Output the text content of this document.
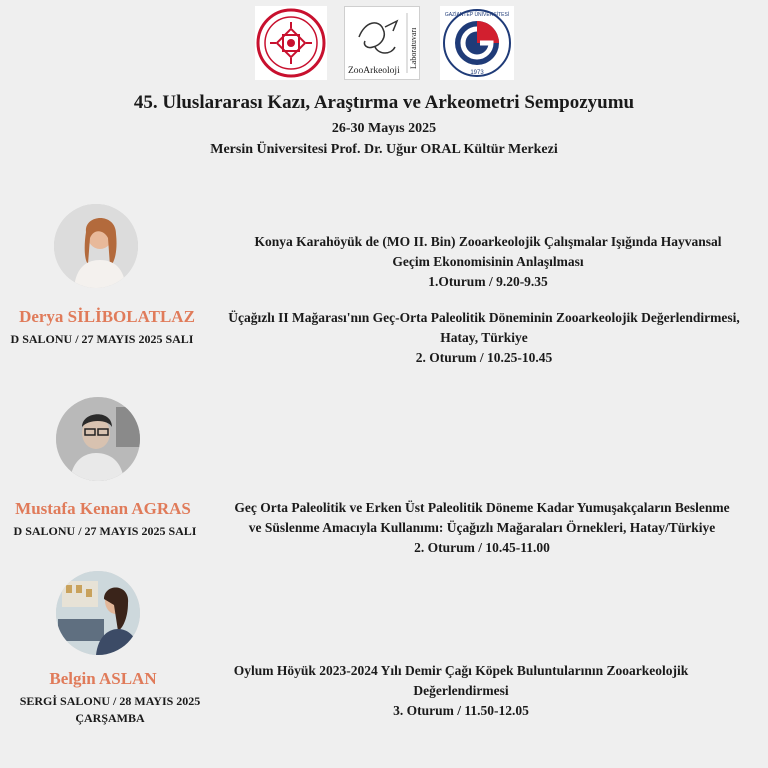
ZooArkeoloji
Laboratuvarı
GAZİANTEP ÜNİVERSİTESİ
1973
45. Uluslararası Kazı, Araştırma ve Arkeometri Sempozyumu
26-30 Mayıs 2025
Mersin Üniversitesi Prof. Dr. Uğur ORAL Kültür Merkezi
Derya SİLİBOLATLAZ
D SALONU / 27 MAYIS 2025 SALI
Konya Karahöyük de (MO II. Bin) Zooarkeolojik Çalışmalar Işığında Hayvansal
Geçim Ekonomisinin Anlaşılması
1.Oturum / 9.20-9.35
Üçağızlı II Mağarası'nın Geç-Orta Paleolitik Döneminin Zooarkeolojik Değerlendirmesi,
Hatay, Türkiye
2. Oturum / 10.25-10.45
Mustafa Kenan AGRAS
D SALONU / 27 MAYIS 2025 SALI
Geç Orta Paleolitik ve Erken Üst Paleolitik Döneme Kadar Yumuşakçaların Beslenme
ve Süslenme Amacıyla Kullanımı: Üçağızlı Mağaraları Örnekleri, Hatay/Türkiye
2. Oturum / 10.45-11.00
Belgin ASLAN
SERGİ SALONU / 28 MAYIS 2025
ÇARŞAMBA
Oylum Höyük 2023-2024 Yılı Demir Çağı Köpek Buluntularının Zooarkeolojik
Değerlendirmesi
3. Oturum / 11.50-12.05
